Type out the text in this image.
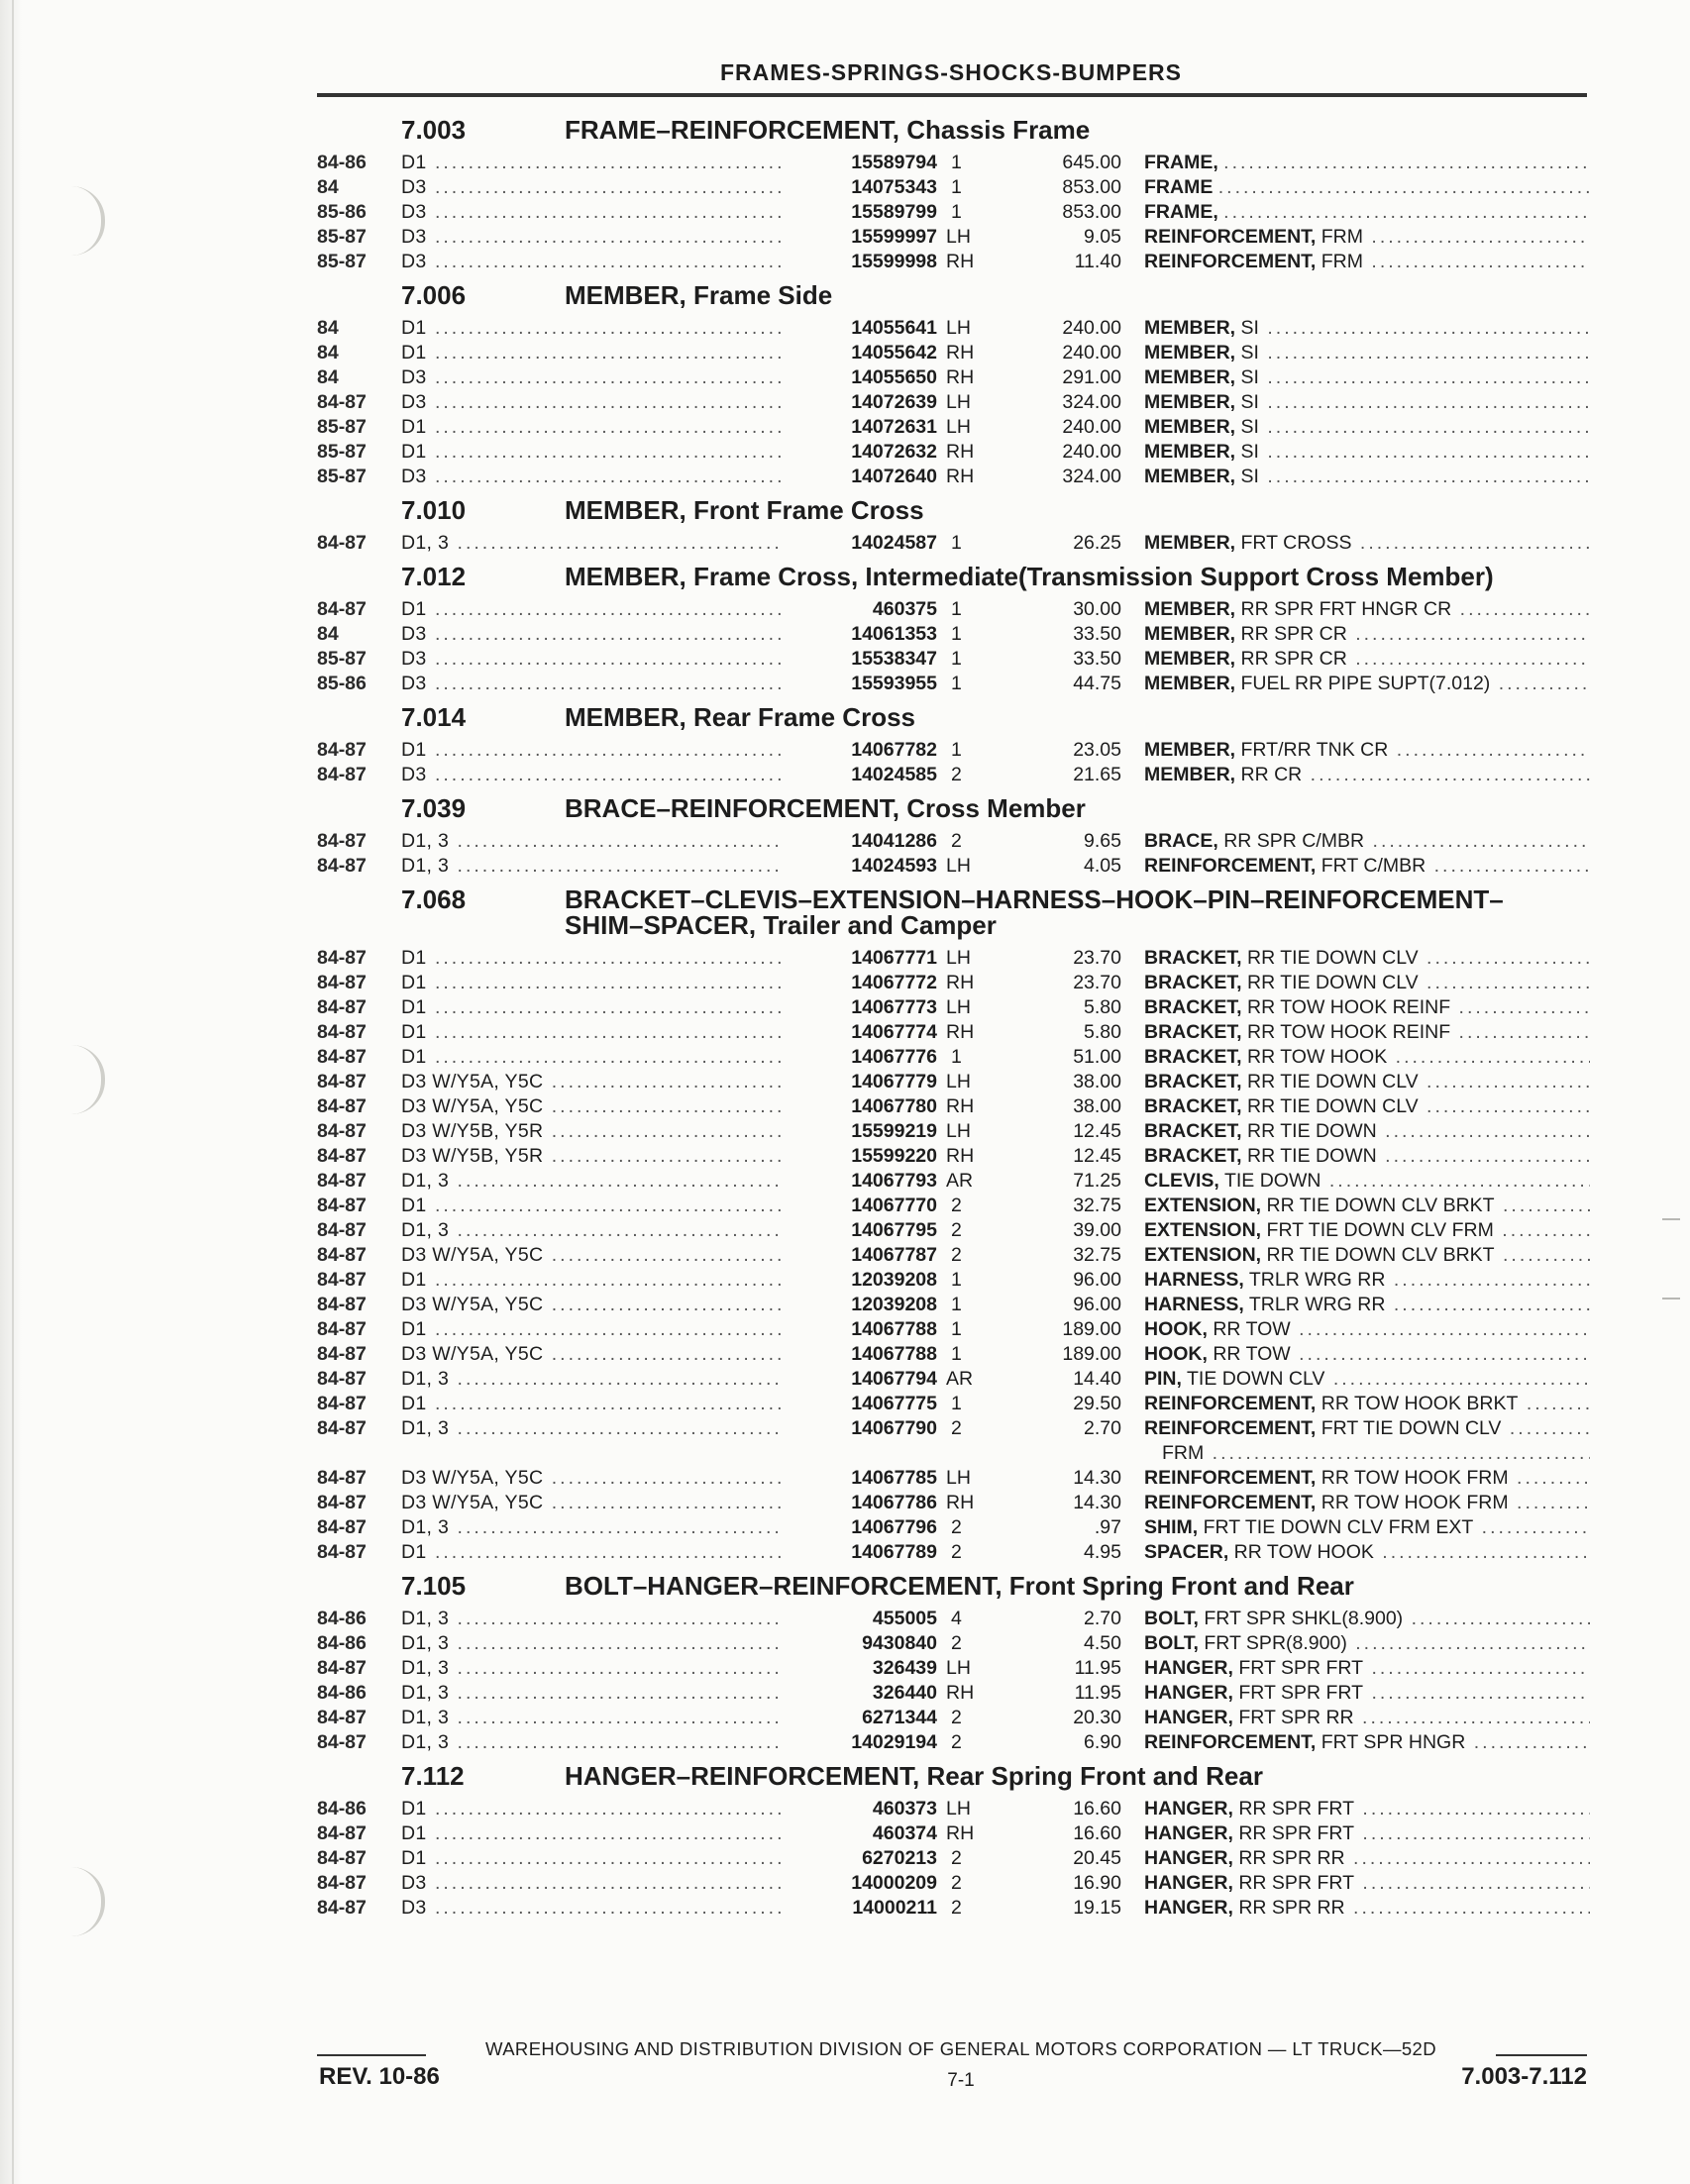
FRAMES-SPRINGS-SHOCKS-BUMPERS
7.003	FRAME–REINFORCEMENT, Chassis Frame
84-86	D1 .....	15589794 1	645.00 FRAME, .....
84	D3 .....	14075343 1	853.00 FRAME .....
85-86	D3 .....	15589799 1	853.00 FRAME, .....
85-87	D3 .....	15599997 LH	9.05 REINFORCEMENT, FRM .....
85-87	D3 .....	15599998 RH	11.40 REINFORCEMENT, FRM .....
7.006	MEMBER, Frame Side
84	D1 .....	14055641 LH	240.00 MEMBER, SI .....
84	D1 .....	14055642 RH	240.00 MEMBER, SI .....
84	D3 .....	14055650 RH	291.00 MEMBER, SI .....
84-87	D3 .....	14072639 LH	324.00 MEMBER, SI .....
85-87	D1 .....	14072631 LH	240.00 MEMBER, SI .....
85-87	D1 .....	14072632 RH	240.00 MEMBER, SI .....
85-87	D3 .....	14072640 RH	324.00 MEMBER, SI .....
7.010	MEMBER, Front Frame Cross
84-87	D1, 3 .....	14024587 1	26.25 MEMBER, FRT CROSS .....
7.012	MEMBER, Frame Cross, Intermediate(Transmission Support Cross Member)
84-87	D1 .....	460375 1	30.00 MEMBER, RR SPR FRT HNGR CR .....
84	D3 .....	14061353 1	33.50 MEMBER, RR SPR CR .....
85-87	D3 .....	15538347 1	33.50 MEMBER, RR SPR CR .....
85-86	D3 .....	15593955 1	44.75 MEMBER, FUEL RR PIPE SUPT(7.012) .....
7.014	MEMBER, Rear Frame Cross
84-87	D1 .....	14067782 1	23.05 MEMBER, FRT/RR TNK CR .....
84-87	D3 .....	14024585 2	21.65 MEMBER, RR CR .....
7.039	BRACE–REINFORCEMENT, Cross Member
84-87	D1, 3 .....	14041286 2	9.65 BRACE, RR SPR C/MBR .....
84-87	D1, 3 .....	14024593 LH	4.05 REINFORCEMENT, FRT C/MBR .....
7.068	BRACKET–CLEVIS–EXTENSION–HARNESS–HOOK–PIN–REINFORCEMENT–SHIM–SPACER, Trailer and Camper
84-87	D1 .....	14067771 LH	23.70 BRACKET, RR TIE DOWN CLV .....
84-87	D1 .....	14067772 RH	23.70 BRACKET, RR TIE DOWN CLV .....
84-87	D1 .....	14067773 LH	5.80 BRACKET, RR TOW HOOK REINF .....
84-87	D1 .....	14067774 RH	5.80 BRACKET, RR TOW HOOK REINF .....
84-87	D1 .....	14067776 1	51.00 BRACKET, RR TOW HOOK .....
84-87	D3 W/Y5A, Y5C .....	14067779 LH	38.00 BRACKET, RR TIE DOWN CLV .....
84-87	D3 W/Y5A, Y5C .....	14067780 RH	38.00 BRACKET, RR TIE DOWN CLV .....
84-87	D3 W/Y5B, Y5R .....	15599219 LH	12.45 BRACKET, RR TIE DOWN .....
84-87	D3 W/Y5B, Y5R .....	15599220 RH	12.45 BRACKET, RR TIE DOWN .....
84-87	D1, 3 .....	14067793 AR	71.25 CLEVIS, TIE DOWN .....
84-87	D1 .....	14067770 2	32.75 EXTENSION, RR TIE DOWN CLV BRKT .....
84-87	D1, 3 .....	14067795 2	39.00 EXTENSION, FRT TIE DOWN CLV FRM .....
84-87	D3 W/Y5A, Y5C .....	14067787 2	32.75 EXTENSION, RR TIE DOWN CLV BRKT .....
84-87	D1 .....	12039208 1	96.00 HARNESS, TRLR WRG RR .....
84-87	D3 W/Y5A, Y5C .....	12039208 1	96.00 HARNESS, TRLR WRG RR .....
84-87	D1 .....	14067788 1	189.00 HOOK, RR TOW .....
84-87	D3 W/Y5A, Y5C .....	14067788 1	189.00 HOOK, RR TOW .....
84-87	D1, 3 .....	14067794 AR	14.40 PIN, TIE DOWN CLV .....
84-87	D1 .....	14067775 1	29.50 REINFORCEMENT, RR TOW HOOK BRKT .....
84-87	D1, 3 .....	14067790 2	2.70 REINFORCEMENT, FRT TIE DOWN CLV .....
FRM .....
84-87	D3 W/Y5A, Y5C .....	14067785 LH	14.30 REINFORCEMENT, RR TOW HOOK FRM .....
84-87	D3 W/Y5A, Y5C .....	14067786 RH	14.30 REINFORCEMENT, RR TOW HOOK FRM .....
84-87	D1, 3 .....	14067796 2	.97 SHIM, FRT TIE DOWN CLV FRM EXT .....
84-87	D1 .....	14067789 2	4.95 SPACER, RR TOW HOOK .....
7.105	BOLT–HANGER–REINFORCEMENT, Front Spring Front and Rear
84-86	D1, 3 .....	455005 4	2.70 BOLT, FRT SPR SHKL(8.900) .....
84-86	D1, 3 .....	9430840 2	4.50 BOLT, FRT SPR(8.900) .....
84-87	D1, 3 .....	326439 LH	11.95 HANGER, FRT SPR FRT .....
84-86	D1, 3 .....	326440 RH	11.95 HANGER, FRT SPR FRT .....
84-87	D1, 3 .....	6271344 2	20.30 HANGER, FRT SPR RR .....
84-87	D1, 3 .....	14029194 2	6.90 REINFORCEMENT, FRT SPR HNGR .....
7.112	HANGER–REINFORCEMENT, Rear Spring Front and Rear
84-86	D1 .....	460373 LH	16.60 HANGER, RR SPR FRT .....
84-87	D1 .....	460374 RH	16.60 HANGER, RR SPR FRT .....
84-87	D1 .....	6270213 2	20.45 HANGER, RR SPR RR .....
84-87	D3 .....	14000209 2	16.90 HANGER, RR SPR FRT .....
84-87	D3 .....	14000211 2	19.15 HANGER, RR SPR RR .....
WAREHOUSING AND DISTRIBUTION DIVISION OF GENERAL MOTORS CORPORATION — LT TRUCK—52D
REV. 10-86	7-1	7.003-7.112
